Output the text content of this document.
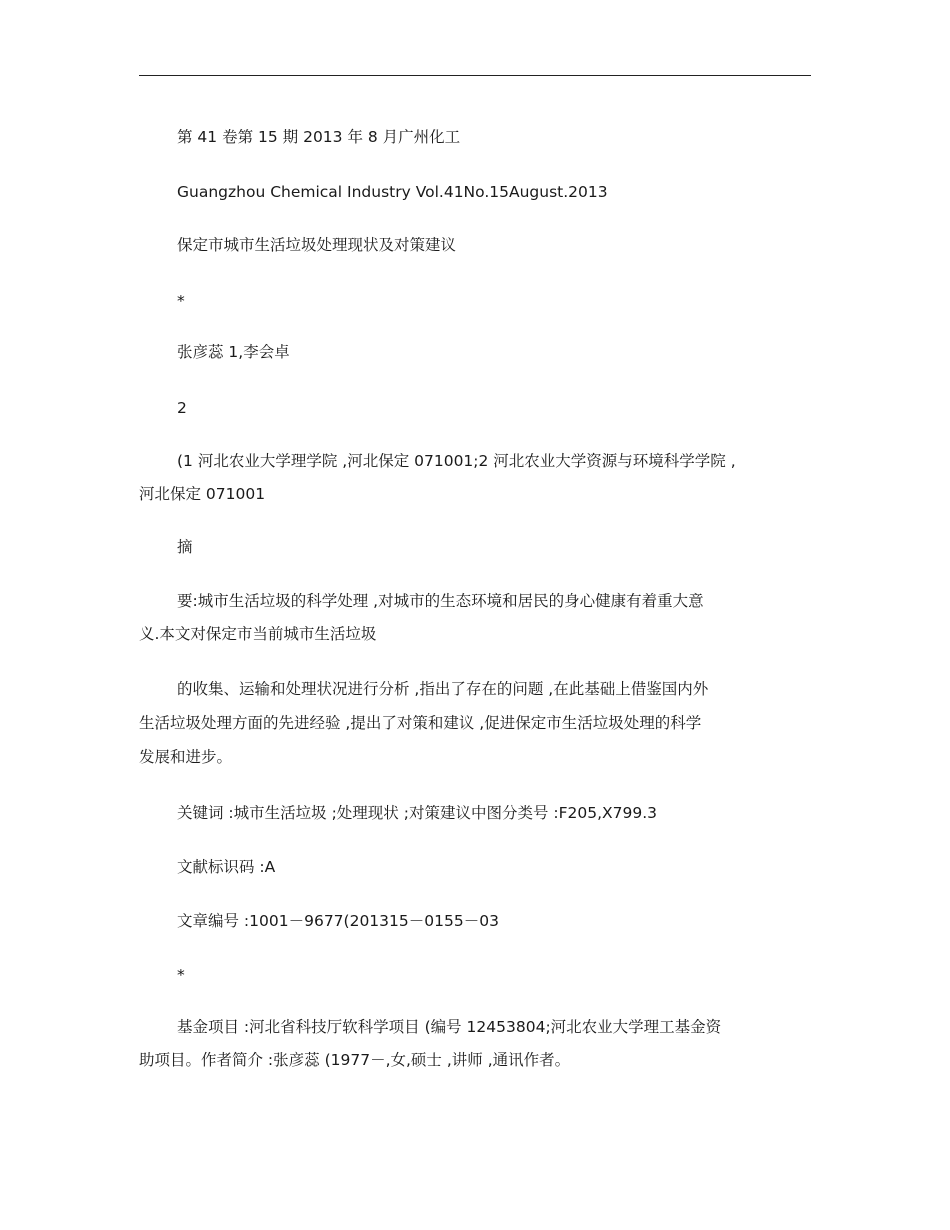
第 41 卷第 15 期 2013 年 8 月广州化工
Guangzhou Chemical Industry Vol.41No.15August.2013
保定市城市生活垃圾处理现状及对策建议
*
张彦蕊 1,李会卓
2
(1 河北农业大学理学院 ,河北保定 071001;2 河北农业大学资源与环境科学学院 ,
河北保定 071001
摘
要:城市生活垃圾的科学处理 ,对城市的生态环境和居民的身心健康有着重大意
义.本文对保定市当前城市生活垃圾
的收集、运输和处理状况进行分析 ,指出了存在的问题 ,在此基础上借鉴国内外
生活垃圾处理方面的先进经验 ,提出了对策和建议 ,促进保定市生活垃圾处理的科学
发展和进步。
关键词 :城市生活垃圾 ;处理现状 ;对策建议中图分类号 :F205,X799.3
文献标识码 :A
文章编号 :1001－9677(201315－0155－03
*
基金项目 :河北省科技厅软科学项目 (编号 12453804;河北农业大学理工基金资
助项目。作者简介 :张彦蕊 (1977－,女,硕士 ,讲师 ,通讯作者。
